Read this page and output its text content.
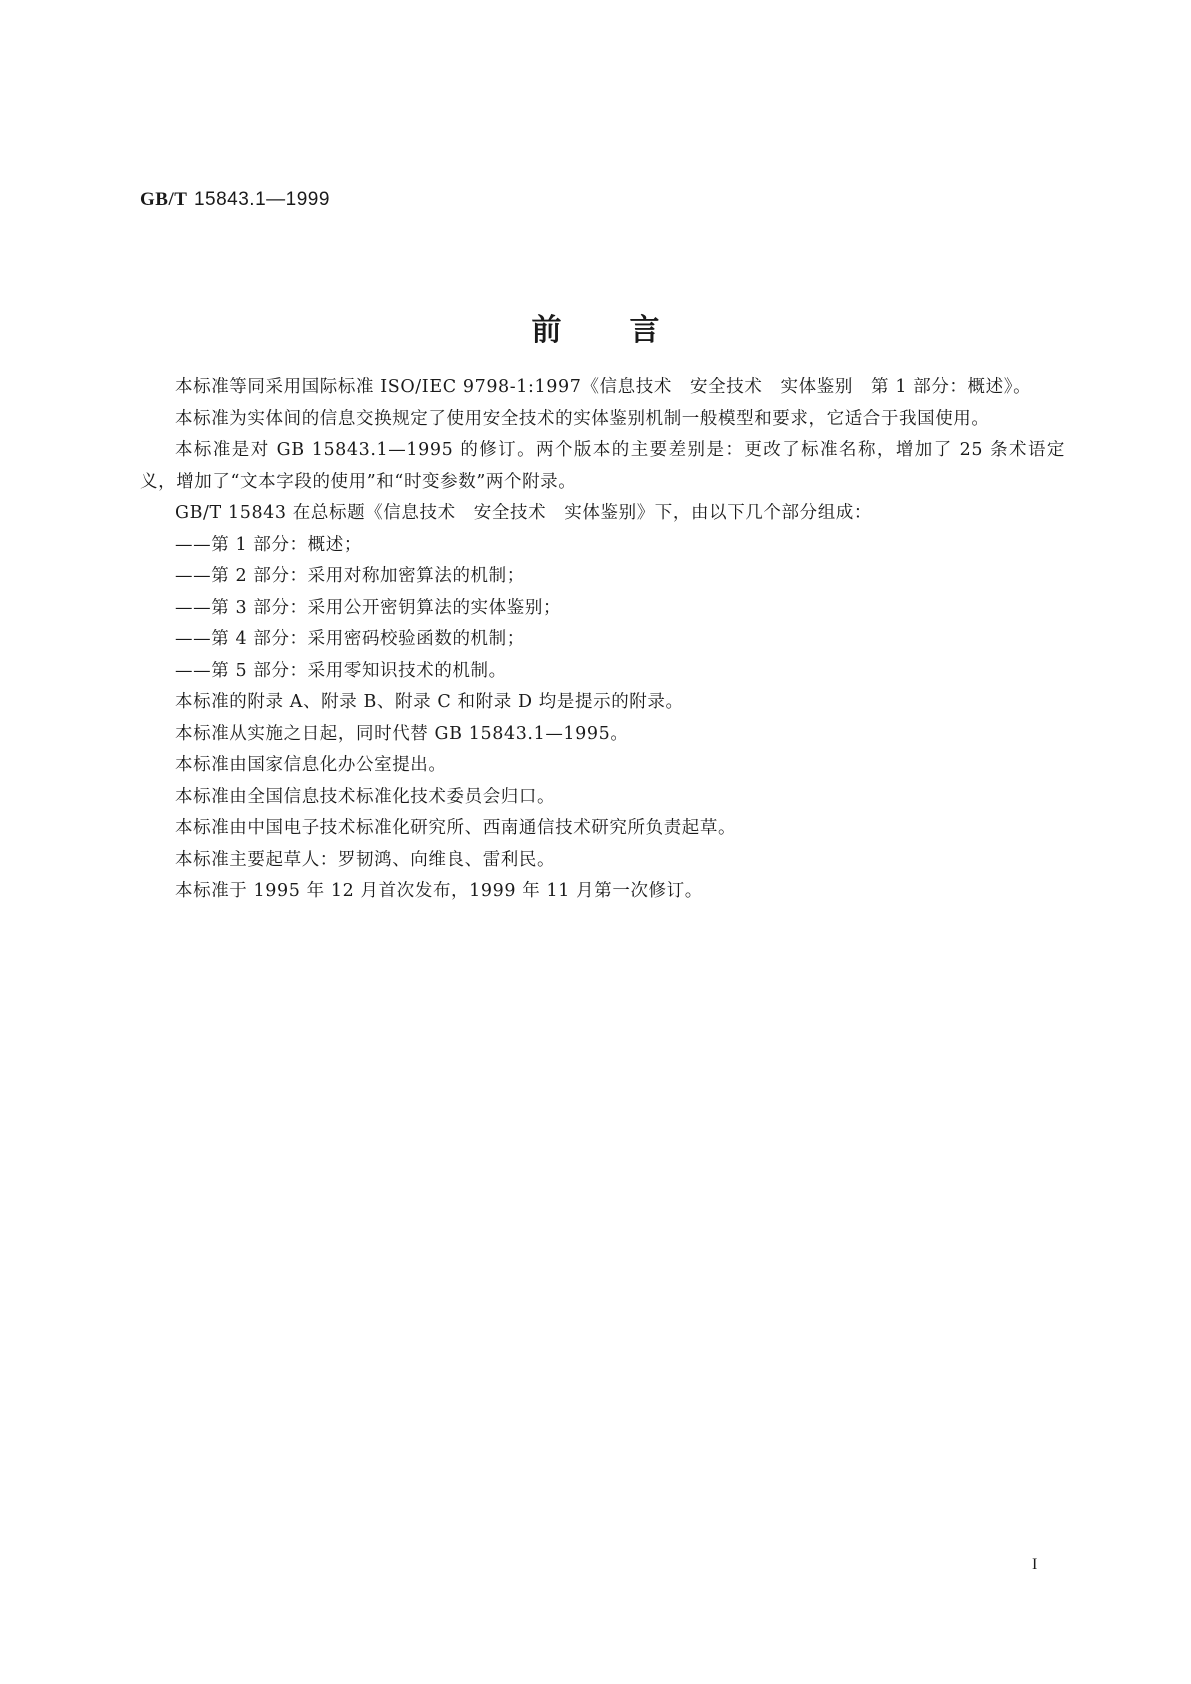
GB/T 15843.1—1999
前言

本标准等同采用国际标准 ISO/IEC 9798-1:1997《信息技术　安全技术　实体鉴别　第 1 部分：概述》。

本标准为实体间的信息交换规定了使用安全技术的实体鉴别机制一般模型和要求，它适合于我国使用。

本标准是对 GB 15843.1—1995 的修订。两个版本的主要差别是：更改了标准名称，增加了 25 条术语定义，增加了“文本字段的使用”和“时变参数”两个附录。

GB/T 15843 在总标题《信息技术　安全技术　实体鉴别》下，由以下几个部分组成：

——第 1 部分：概述；

——第 2 部分：采用对称加密算法的机制；

——第 3 部分：采用公开密钥算法的实体鉴别；

——第 4 部分：采用密码校验函数的机制；

——第 5 部分：采用零知识技术的机制。

本标准的附录 A、附录 B、附录 C 和附录 D 均是提示的附录。

本标准从实施之日起，同时代替 GB 15843.1—1995。

本标准由国家信息化办公室提出。

本标准由全国信息技术标准化技术委员会归口。

本标准由中国电子技术标准化研究所、西南通信技术研究所负责起草。

本标准主要起草人：罗韧鸿、向维良、雷利民。

本标准于 1995 年 12 月首次发布，1999 年 11 月第一次修订。

I
